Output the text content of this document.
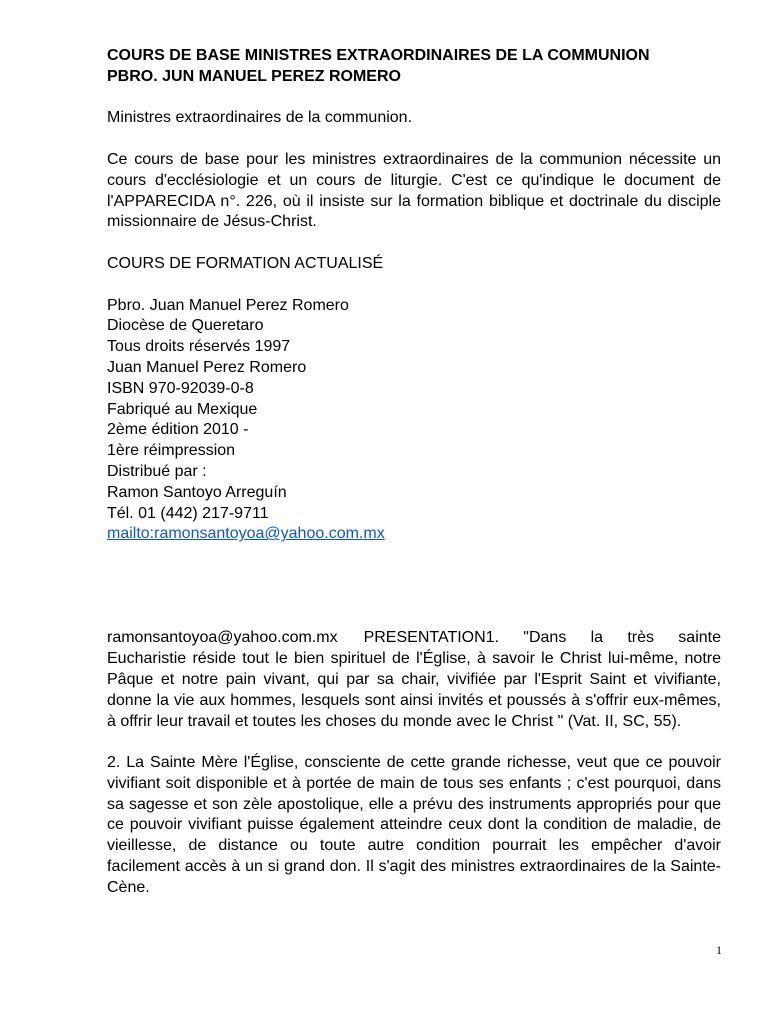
COURS DE BASE MINISTRES EXTRAORDINAIRES DE LA COMMUNION

PBRO. JUN MANUEL PEREZ ROMERO

Ministres extraordinaires de la communion.

Ce cours de base pour les ministres extraordinaires de la communion nécessite un cours d'ecclésiologie et un cours de liturgie. C'est ce qu'indique le document de l'APPARECIDA n°. 226, où il insiste sur la formation biblique et doctrinale du disciple missionnaire de Jésus-Christ.

COURS DE FORMATION ACTUALISÉ

Pbro. Juan Manuel Perez Romero

Diocèse de Queretaro

Tous droits réservés 1997

Juan Manuel Perez Romero

ISBN 970-92039-0-8

Fabriqué au Mexique

2ème édition 2010 -

1ère réimpression

Distribué par :

Ramon Santoyo Arreguín

Tél. 01 (442) 217-9711

mailto:ramonsantoyoa@yahoo.com.mx

ramonsantoyoa@yahoo.com.mx PRESENTATION1. "Dans la très sainte Eucharistie réside tout le bien spirituel de l'Église, à savoir le Christ lui-même, notre Pâque et notre pain vivant, qui par sa chair, vivifiée par l'Esprit Saint et vivifiante, donne la vie aux hommes, lesquels sont ainsi invités et poussés à s'offrir eux-mêmes, à offrir leur travail et toutes les choses du monde avec le Christ " (Vat. II, SC, 55).

2. La Sainte Mère l'Église, consciente de cette grande richesse, veut que ce pouvoir vivifiant soit disponible et à portée de main de tous ses enfants ; c'est pourquoi, dans sa sagesse et son zèle apostolique, elle a prévu des instruments appropriés pour que ce pouvoir vivifiant puisse également atteindre ceux dont la condition de maladie, de vieillesse, de distance ou toute autre condition pourrait les empêcher d'avoir facilement accès à un si grand don. Il s'agit des ministres extraordinaires de la Sainte-Cène.

1
